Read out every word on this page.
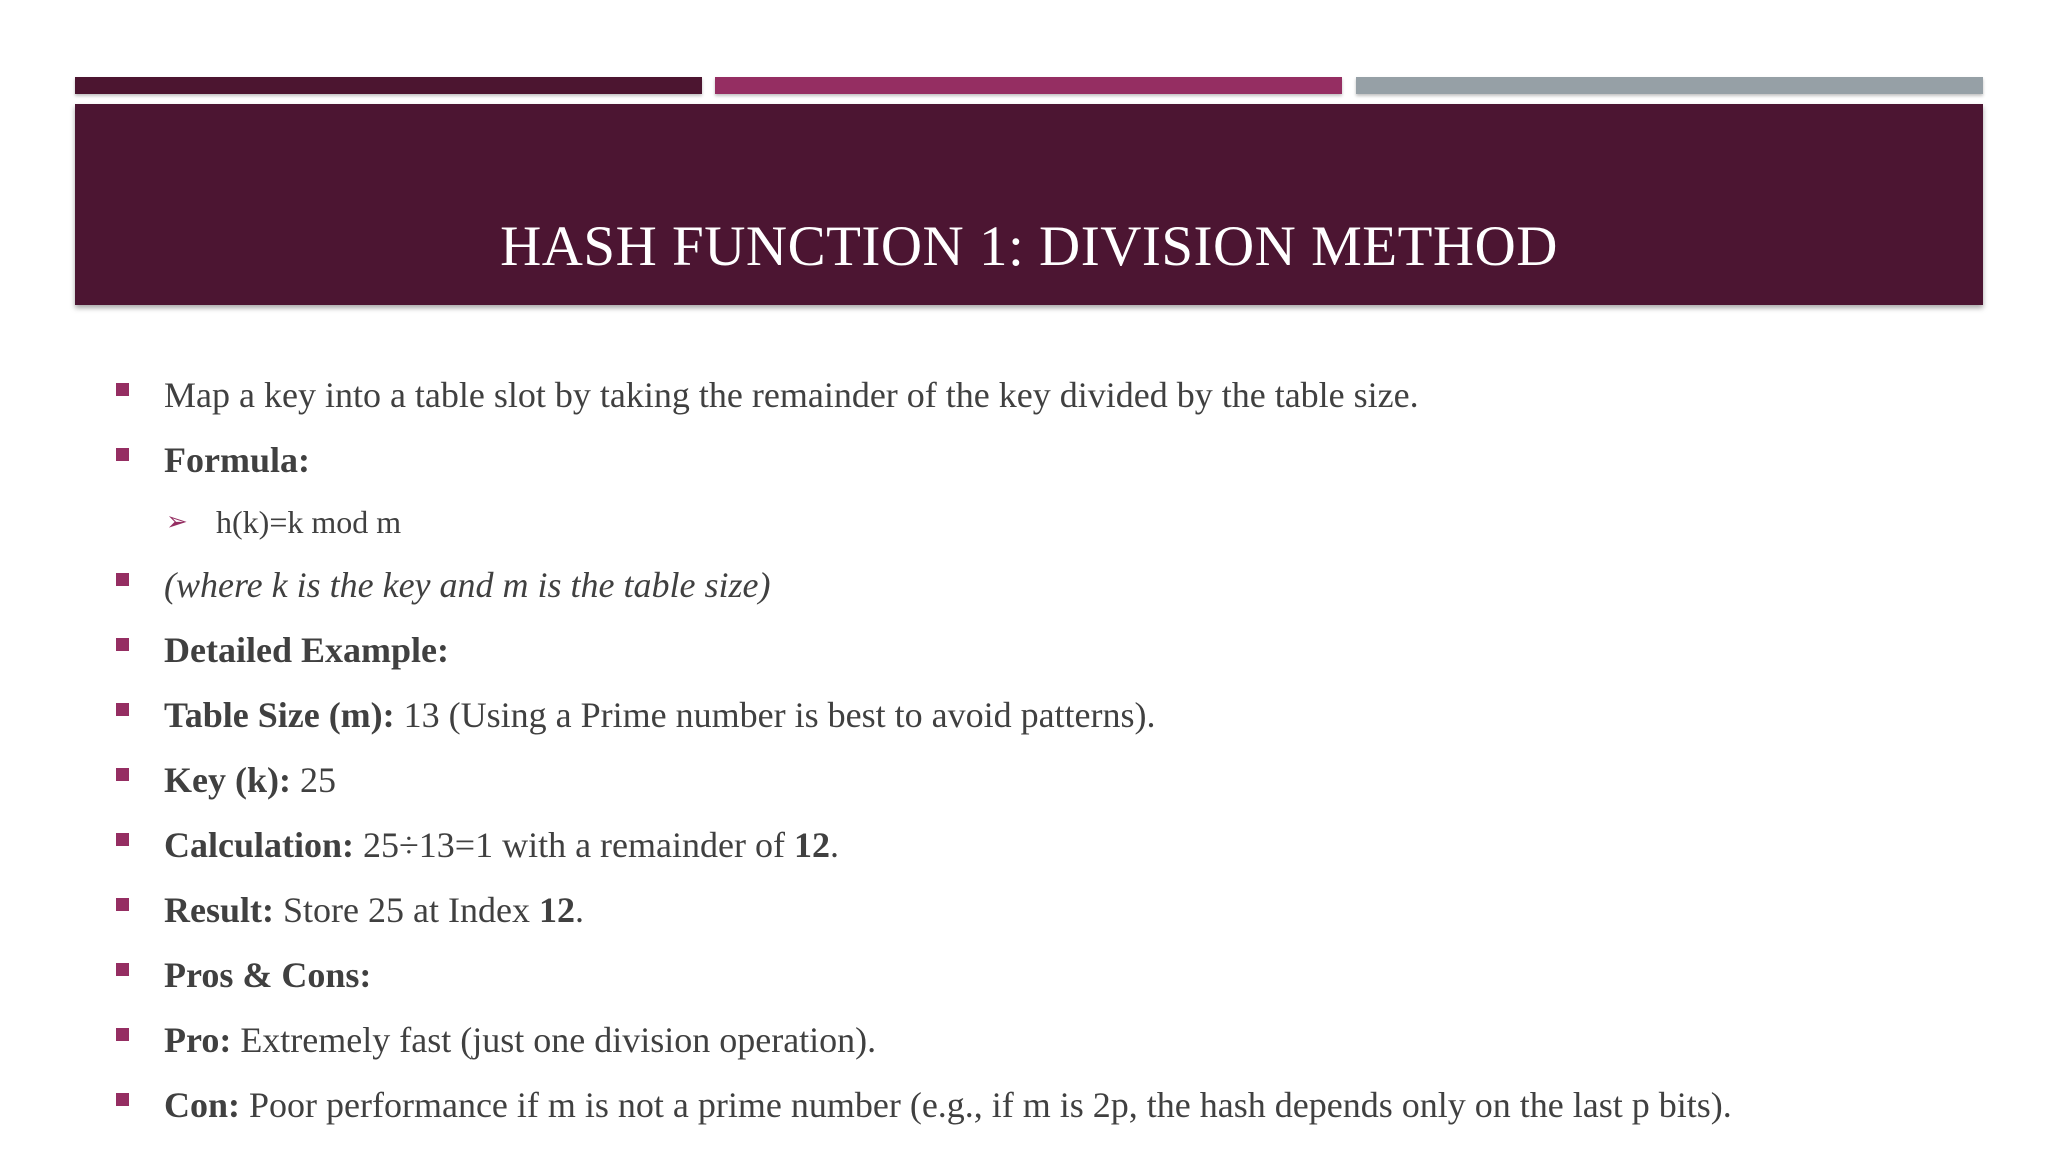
HASH FUNCTION 1: DIVISION METHOD
Map a key into a table slot by taking the remainder of the key divided by the table size.
Formula:
➢ h(k)=k mod m
(where k is the key and m is the table size)
Detailed Example:
Table Size (m): 13 (Using a Prime number is best to avoid patterns).
Key (k): 25
Calculation: 25÷13=1 with a remainder of 12.
Result: Store 25 at Index 12.
Pros & Cons:
Pro: Extremely fast (just one division operation).
Con: Poor performance if m is not a prime number (e.g., if m is 2p, the hash depends only on the last p bits).
